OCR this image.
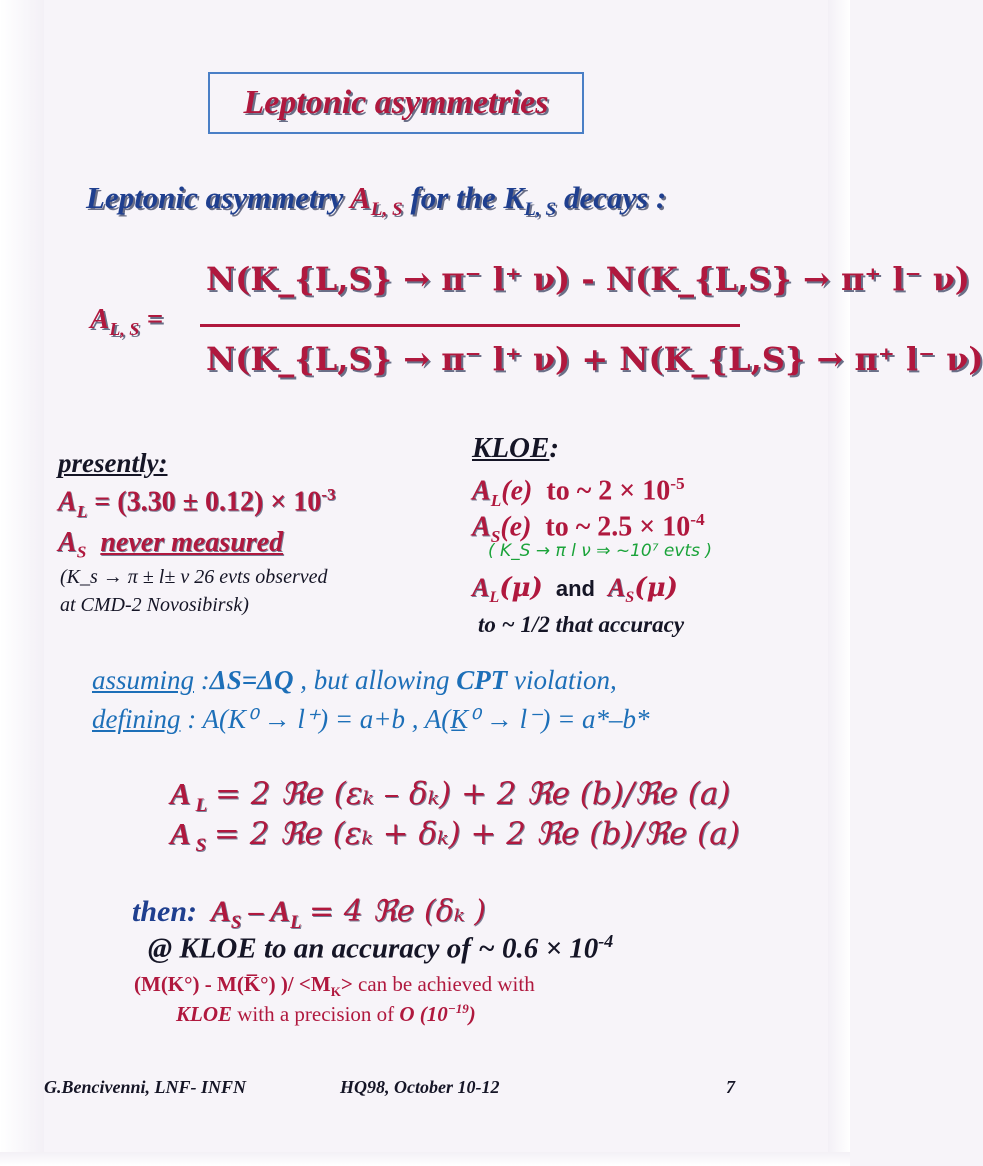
Leptonic asymmetries
Leptonic asymmetry $A_{L, S}$ for the $K_{L, S}$ decays :
$A_{L, S}$ =
N(K_{L,S} → π⁻ l⁺ ν) - N(K_{L,S} → π⁺ l⁻ ν)
N(K_{L,S} → π⁻ l⁺ ν) + N(K_{L,S} → π⁺ l⁻ ν)
presently:
$A_L = (3.30 \pm 0.12) \times 10^{-3}$
$A_S$ never measured
(K_s → π ± l± ν 26 evts observed
at CMD-2 Novosibirsk)
KLOE:
$A_L(e)$ to ~ $2 \times 10^{-5}$
$A_S(e)$ to ~ $2.5 \times 10^{-4}$
( K_S → π l ν ⇒ ~10⁷ evts )
$A_L(\mu)$ and $A_S(\mu)$
to ~ 1/2 that accuracy
assuming :ΔS=ΔQ , but allowing CPT violation,
defining : A(K⁰ → l⁺) = a+b , A(K̲⁰ → l⁻) = a*–b*
A $_L$ = 2 ℜe (εₖ – δₖ) + 2 ℜe (b)/ℜe (a)
A $_S$ = 2 ℜe (εₖ + δₖ) + 2 ℜe (b)/ℜe (a)
then: $A_S - A_L = 4$ ℜe (δₖ )
@ KLOE to an accuracy of ~ $0.6 \times 10^{-4}$
(M(K°) - M(K̅°) )/ $<M_K>$ can be achieved with
KLOE with a precision of O $(10^{-19})$
G.Bencivenni, LNF- INFN	HQ98, October 10-12	7
